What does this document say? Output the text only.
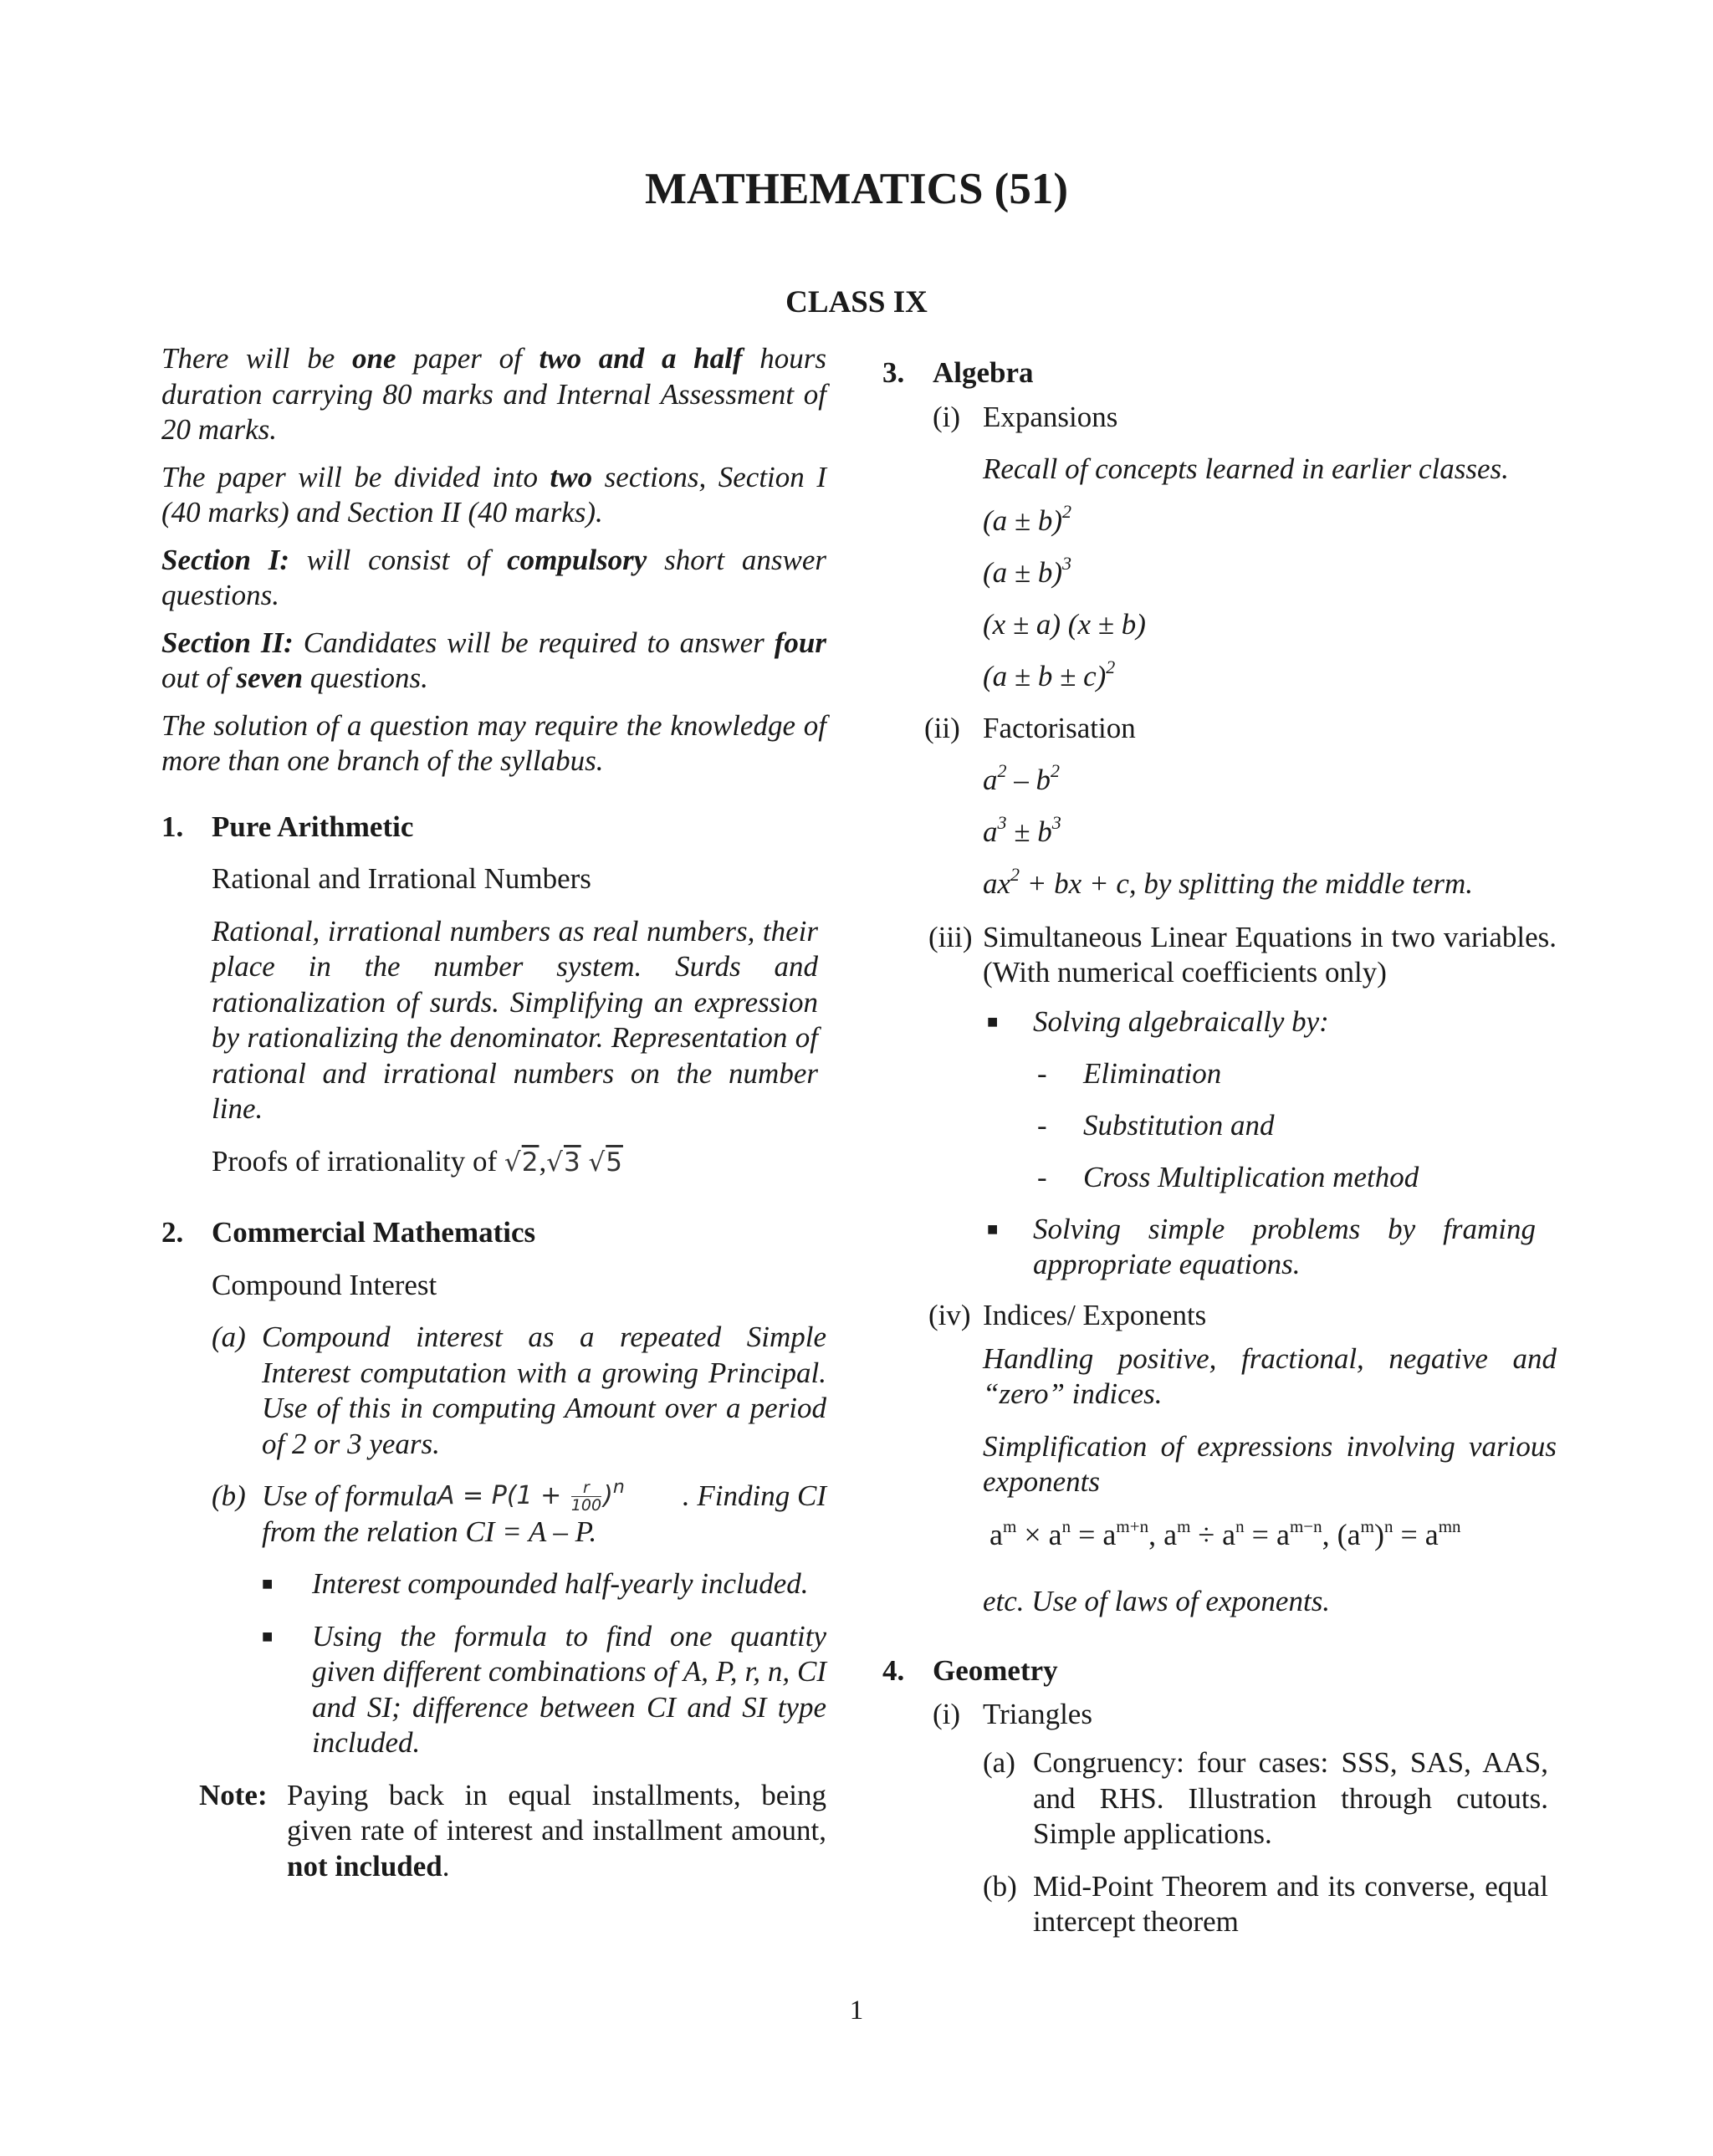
MATHEMATICS (51)
CLASS IX

There will be one paper of two and a half hours duration carrying 80 marks and Internal Assessment of 20 marks.

The paper will be divided into two sections, Section I (40 marks) and Section II (40 marks).

Section I: will consist of compulsory short answer questions.

Section II: Candidates will be required to answer four out of seven questions.

The solution of a question may require the knowledge of more than one branch of the syllabus.

1. Pure Arithmetic

Rational and Irrational Numbers

Rational, irrational numbers as real numbers, their place in the number system. Surds and rationalization of surds. Simplifying an expression by rationalizing the denominator. Representation of rational and irrational numbers on the number line.

Proofs of irrationality of √2,√3 √5

2. Commercial Mathematics

Compound Interest

(a) Compound interest as a repeated Simple Interest computation with a growing Principal. Use of this in computing Amount over a period of 2 or 3 years.
(b) Use of formula $A = P(1 + \frac{r}{100} )^n$	. Finding CI
from the relation CI = A – P.
■ Interest compounded half-yearly included.
■ Using the formula to find one quantity given different combinations of A, P, r, n, CI and SI; difference between CI and SI type included.
Note: Paying back in equal installments, being given rate of interest and installment amount, not included.
3. Algebra
(i) Expansions

Recall of concepts learned in earlier classes.

$(a \pm b)^2$

$(a \pm b)^3$

(x ± a) (x ± b)

$(a \pm b \pm c)^2$

(ii) Factorisation

$a^2 - b^2$

$a^3 \pm b^3$

$ax^2$ + bx + c, by splitting the middle term.

(iii) Simultaneous Linear Equations in two variables. (With numerical coefficients only)
■ Solving algebraically by:
- Elimination
- Substitution and
- Cross Multiplication method
■ Solving simple problems by framing appropriate equations.
(iv) Indices/ Exponents

Handling positive, fractional, negative and “zero” indices.

Simplification of expressions involving various exponents

$a^m \times a^n = a^{m+n}$, $a^m \div a^n = a^{m-n}$, $(a^m)^n = a^{mn}$

etc. Use of laws of exponents.

4. Geometry
(i) Triangles
(a) Congruency: four cases: SSS, SAS, AAS, and RHS. Illustration through cutouts. Simple applications.
(b) Mid-Point Theorem and its converse, equal intercept theorem
1
